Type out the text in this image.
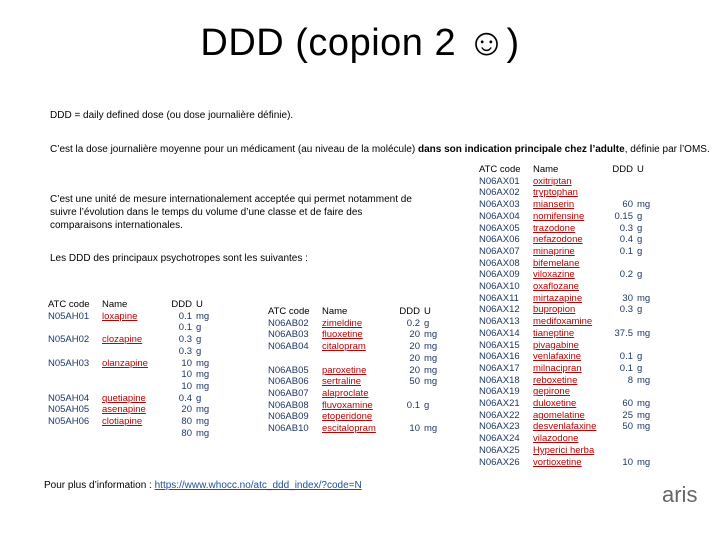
DDD (copion 2 ☺)
DDD = daily defined dose (ou dose journalière définie).
C’est la dose journalière moyenne pour un médicament (au niveau de la molécule) dans son indication principale chez l’adulte, définie par l’OMS.
C’est une unité de mesure internationalement acceptée qui permet notamment de suivre l’évolution dans le temps du volume d’une classe et de faire des comparaisons internationales.
Les DDD des principaux psychotropes sont les suivantes :
ATC code	Name	DDD	U
N05AH01	loxapine	0.1	mg
		0.1	g
N05AH02	clozapine	0.3	g
		0.3	g
N05AH03	olanzapine	10	mg
		10	mg
		10	mg
N05AH04	quetiapine	0.4	g
N05AH05	asenapine	20	mg
N05AH06	clotiapine	80	mg
		80	mg
ATC code	Name	DDD	U
N06AB02	zimeldine	0.2	g
N06AB03	fluoxetine	20	mg
N06AB04	citalopram	20	mg
		20	mg
N06AB05	paroxetine	20	mg
N06AB06	sertraline	50	mg
N06AB07	alaproclate		
N06AB08	fluvoxamine	0.1	g
N06AB09	etoperidone		
N06AB10	escitalopram	10	mg
ATC code	Name	DDD	U
N06AX01	oxitriptan		
N06AX02	tryptophan		
N06AX03	mianserin	60	mg
N06AX04	nomifensine	0.15	g
N06AX05	trazodone	0.3	g
N06AX06	nefazodone	0.4	g
N06AX07	minaprine	0.1	g
N06AX08	bifemelane		
N06AX09	viloxazine	0.2	g
N06AX10	oxaflozane		
N06AX11	mirtazapine	30	mg
N06AX12	bupropion	0.3	g
N06AX13	medifoxamine		
N06AX14	tianeptine	37.5	mg
N06AX15	pivagabine		
N06AX16	venlafaxine	0.1	g
N06AX17	milnacipran	0.1	g
N06AX18	reboxetine	8	mg
N06AX19	gepirone		
N06AX21	duloxetine	60	mg
N06AX22	agomelatine	25	mg
N06AX23	desvenlafaxine	50	mg
N06AX24	vilazodone		
N06AX25	Hyperici herba		
N06AX26	vortioxetine	10	mg
Pour plus d’information : https://www.whocc.no/atc_ddd_index/?code=N	aris
